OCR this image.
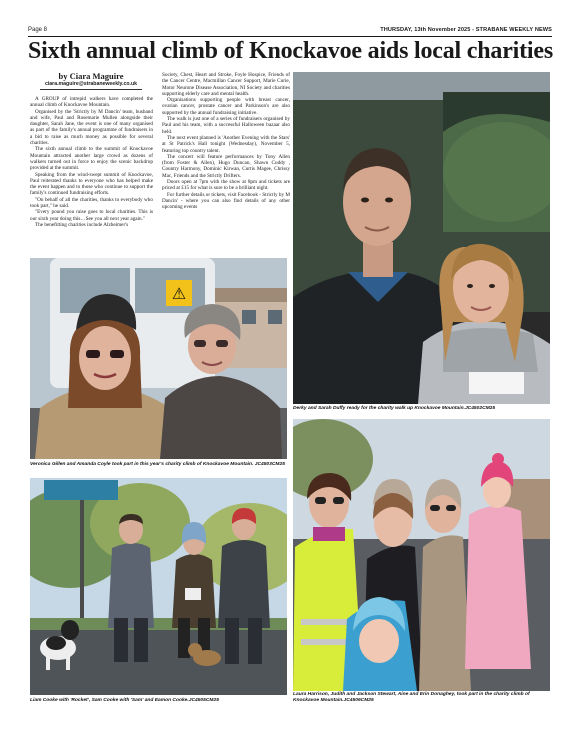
Page 8	THURSDAY, 13th November 2025 - STRABANE WEEKLY NEWS
Sixth annual climb of Knockavoe aids local charities
by Ciara Maguire
ciara.maguire@strabaneweekly.co.uk

A GROUP of intrepid walkers have completed the annual climb of Knockavoe Mountain.

Organised by the 'Strictly by M Dancin' team, husband and wife, Paul and Rosemarie Mullen alongside their daughter, Sarah Jane, the event is one of many organised as part of the family's annual programme of fundraisers in a bid to raise as much money as possible for several charities.

The sixth annual climb to the summit of Knockavoe Mountain attracted another large crowd as dozens of walkers turned out in force to enjoy the scenic backdrop provided at the summit.

Speaking from the wind-swept summit of Knockavoe, Paul reiterated thanks to everyone who has helped make the event happen and to those who continue to support the family's continued fundraising efforts.

"On behalf of all the charities, thanks to everybody who took part," he said.

"Every pound you raise goes to local charities. This is our sixth year doing this…See you all next year again."

The benefitting charities include Alzheimer's

Society, Chest, Heart and Stroke, Foyle Hospice, Friends of the Cancer Centre, Macmillan Cancer Support, Marie Curie, Motor Neurone Disease Association, NI Society and charities supporting elderly care and mental health.

Organisations supporting people with breast cancer, ovarian cancer, prostate cancer and Parkinson's are also supported by the annual fundraising initiative.

The walk is just one of a series of fundraisers organised by Paul and his team, with a successful Halloween bazaar also held.

The next event planned is 'Another Evening with the Stars' at St Patrick's Hall tonight (Wednesday), November 5, featuring top country talent.

The concert will feature performances by Tony Allen (from Foster & Allen), Hugo Duncan, Shawn Cuddy , Country Harmony, Dominic Kirwan, Curtis Magee, Chrissy Mac, Friends and the Strictly Drifters.

Doors open at 7pm with the show at 8pm and tickets are priced at £15 for what is sure to be a brilliant night.

For further details or tickets, visit Facebook - Strictly by M Dancin' - where you can also find details of any other upcoming events

Derky and Sarah Duffy ready for the charity walk up Knockavoe Mountain.JC4502CM25
⚠
Veronica Gillen and Amanda Coyle took part in this year's charity climb of Knockavoe Mountain. JC4503CM25
Liam Cooke with 'Rocket', Sam Cooke with 'Sam' and Eamon Cooke.JC4505CM25
Laura Harrison, Judith and Jackson Stewart, Aine and Erin Donaghey, took part in the charity climb of Knockavoe Mountain.JC4506CM25
